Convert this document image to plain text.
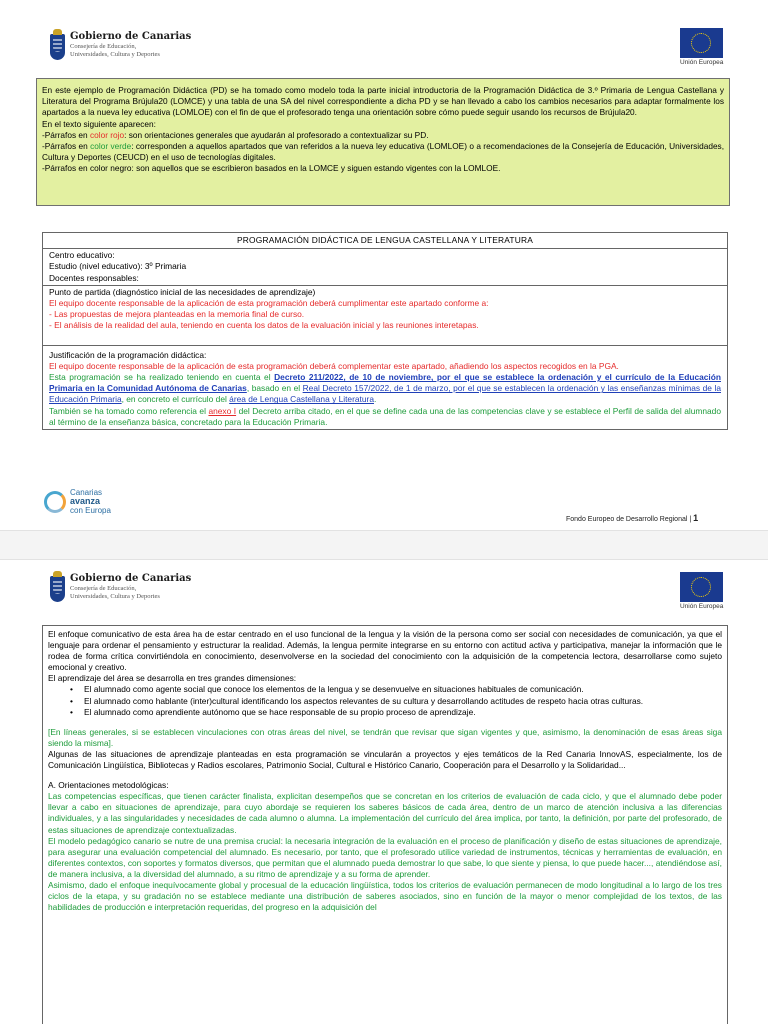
Gobierno de Canarias
Consejería de Educación,
Universidades, Cultura y Deportes
Unión Europea

En este ejemplo de Programación Didáctica (PD) se ha tomado como modelo toda la parte inicial introductoria de la Programación Didáctica de 3.º Primaria de Lengua Castellana y Literatura del Programa Brújula20 (LOMCE) y una tabla de una SA del nivel correspondiente a dicha PD y se han llevado a cabo los cambios necesarios para adaptar formalmente los apartados a la nueva ley educativa (LOMLOE) con el fin de que el profesorado tenga una orientación sobre cómo puede seguir usando los recursos de Brújula20.

En el texto siguiente aparecen:

-Párrafos en color rojo: son orientaciones generales que ayudarán al profesorado a contextualizar su PD.

-Párrafos en color verde: corresponden a aquellos apartados que van referidos a la nueva ley educativa (LOMLOE) o a recomendaciones de la Consejería de Educación, Universidades, Cultura y Deportes (CEUCD) en el uso de tecnologías digitales.

-Párrafos en color negro: son aquellos que se escribieron basados en la LOMCE y siguen estando vigentes con la LOMLOE.

PROGRAMACIÓN DIDÁCTICA DE LENGUA CASTELLANA Y LITERATURA
Centro educativo:
Estudio (nivel educativo): 3º Primaria
Docentes responsables:
Punto de partida (diagnóstico inicial de las necesidades de aprendizaje)

El equipo docente responsable de la aplicación de esta programación deberá cumplimentar este apartado conforme a:

- Las propuestas de mejora planteadas en la memoria final de curso.

- El análisis de la realidad del aula, teniendo en cuenta los datos de la evaluación inicial y las reuniones interetapas.

Justificación de la programación didáctica:

El equipo docente responsable de la aplicación de esta programación deberá complementar este apartado, añadiendo los aspectos recogidos en la PGA.

Esta programación se ha realizado teniendo en cuenta el Decreto 211/2022, de 10 de noviembre, por el que se establece la ordenación y el currículo de la Educación Primaria en la Comunidad Autónoma de Canarias, basado en el Real Decreto 157/2022, de 1 de marzo, por el que se establecen la ordenación y las enseñanzas mínimas de la Educación Primaria, en concreto el currículo del área de Lengua Castellana y Literatura.

También se ha tomado como referencia el anexo I del Decreto arriba citado, en el que se define cada una de las competencias clave y se establece el Perfil de salida del alumnado al término de la enseñanza básica, concretado para la Educación Primaria.

Canarias
avanza
con Europa
Fondo Europeo de Desarrollo Regional | 1
Gobierno de Canarias
Consejería de Educación,
Universidades, Cultura y Deportes
Unión Europea

El enfoque comunicativo de esta área ha de estar centrado en el uso funcional de la lengua y la visión de la persona como ser social con necesidades de comunicación, ya que el lenguaje para ordenar el pensamiento y estructurar la realidad. Además, la lengua permite integrarse en su entorno con actitud activa y participativa, manejar la información que le rodea de forma crítica convirtiéndola en conocimiento, desenvolverse en la sociedad del conocimiento con la adquisición de la competencia lectora, desarrollarse como sujeto emocional y creativo.

El aprendizaje del área se desarrolla en tres grandes dimensiones:

• El alumnado como agente social que conoce los elementos de la lengua y se desenvuelve en situaciones habituales de comunicación.
• El alumnado como hablante (inter)cultural identificando los aspectos relevantes de su cultura y desarrollando actitudes de respeto hacia otras culturas.
• El alumnado como aprendiente autónomo que se hace responsable de su propio proceso de aprendizaje.

[En líneas generales, si se establecen vinculaciones con otras áreas del nivel, se tendrán que revisar que sigan vigentes y que, asimismo, la denominación de esas áreas siga siendo la misma].

Algunas de las situaciones de aprendizaje planteadas en esta programación se vincularán a proyectos y ejes temáticos de la Red Canaria InnovAS, especialmente, los de Comunicación Lingüística, Bibliotecas y Radios escolares, Patrimonio Social, Cultural e Histórico Canario, Cooperación para el Desarrollo y la Solidaridad...

A. Orientaciones metodológicas:

Las competencias específicas, que tienen carácter finalista, explicitan desempeños que se concretan en los criterios de evaluación de cada ciclo, y que el alumnado debe poder llevar a cabo en situaciones de aprendizaje, para cuyo abordaje se requieren los saberes básicos de cada área, dentro de un marco de atención inclusiva a las diferencias individuales, y a las singularidades y necesidades de cada alumno o alumna. La implementación del currículo del área implica, por tanto, la definición, por parte del profesorado, de estas situaciones de aprendizaje contextualizadas.

El modelo pedagógico canario se nutre de una premisa crucial: la necesaria integración de la evaluación en el proceso de planificación y diseño de estas situaciones de aprendizaje, para asegurar una evaluación competencial del alumnado. Es necesario, por tanto, que el profesorado utilice variedad de instrumentos, técnicas y herramientas de evaluación, en diferentes contextos, con soportes y formatos diversos, que permitan que el alumnado pueda demostrar lo que sabe, lo que siente y piensa, lo que puede hacer..., atendiéndose así, de manera inclusiva, a la diversidad del alumnado, a su ritmo de aprendizaje y a su forma de aprender.

Asimismo, dado el enfoque inequívocamente global y procesual de la educación lingüística, todos los criterios de evaluación permanecen de modo longitudinal a lo largo de los tres ciclos de la etapa, y su gradación no se establece mediante una distribución de saberes asociados, sino en función de la mayor o menor complejidad de los textos, de las habilidades de producción e interpretación requeridas, del progreso en la adquisición del
